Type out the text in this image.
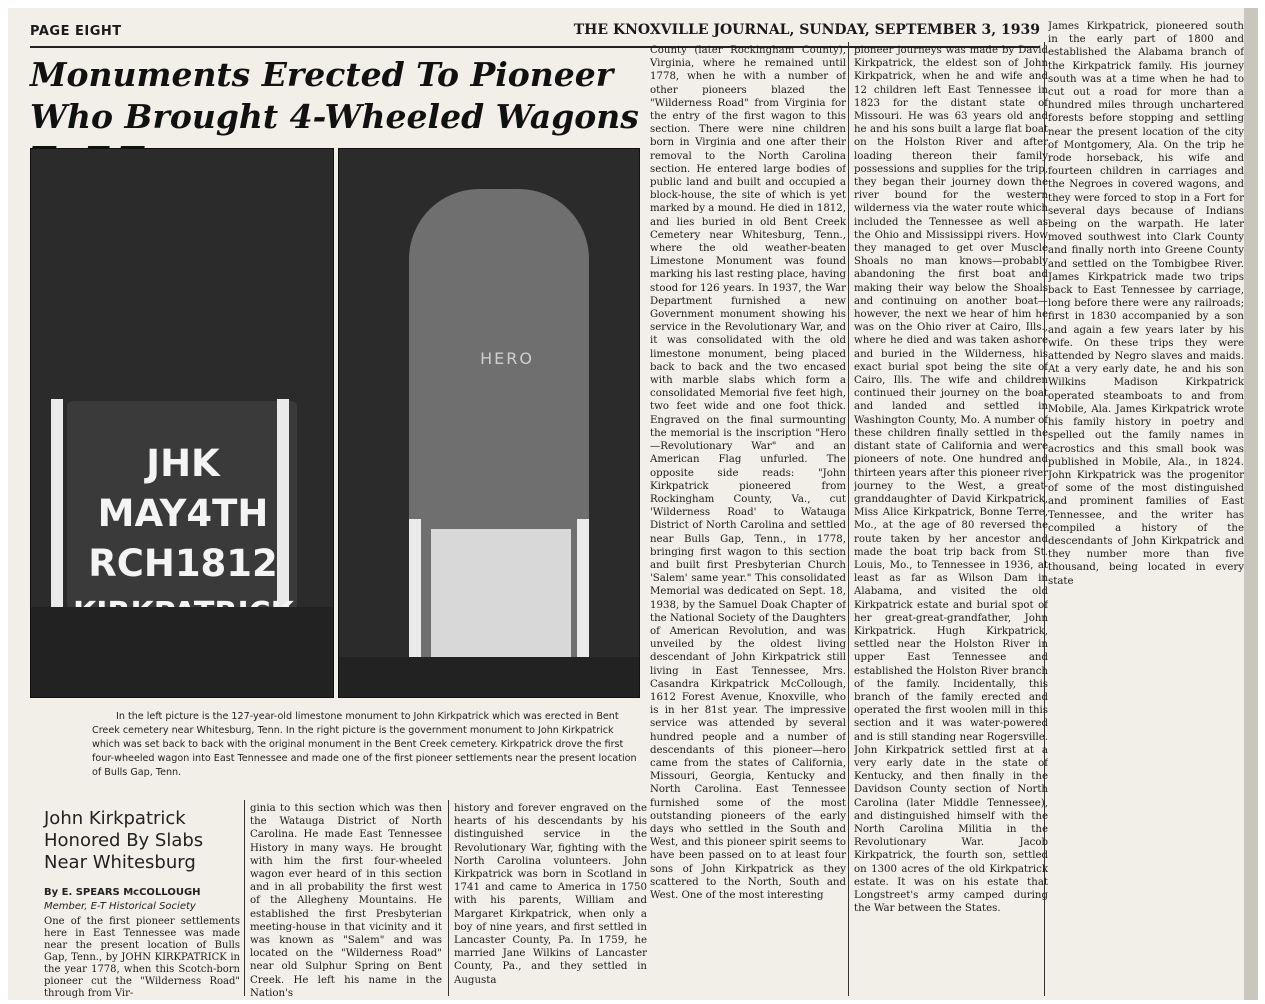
PAGE EIGHT	THE KNOXVILLE JOURNAL, SUNDAY, SEPTEMBER 3, 1939
Monuments Erected To Pioneer Who Brought 4-Wheeled Wagons
JHK
MAY4TH
RCH1812
HERO
In the left picture is the 127-year-old limestone monument to John Kirkpatrick which was erected in Bent Creek cemetery near Whitesburg, Tenn. In the right picture is the government monument to John Kirkpatrick which was set back to back with the original monument in the Bent Creek cemetery. Kirkpatrick drove the first four-wheeled wagon into East Tennessee and made one of the first pioneer settlements near the present location of Bulls Gap, Tenn.
John Kirkpatrick Honored By Slabs Near Whitesburg
By E. SPEARS McCOLLOUGH
Member, E-T Historical Society

One of the first pioneer settlements here in East Tennessee was made near the present location of Bulls Gap, Tenn., by JOHN KIRKPATRICK in the year 1778, when this Scotch-born pioneer cut the "Wilderness Road" through from Vir-

ginia to this section which was then the Watauga District of North Carolina. He made East Tennessee History in many ways. He brought with him the first four-wheeled wagon ever heard of in this section and in all probability the first west of the Allegheny Mountains. He established the first Presbyterian meeting-house in that vicinity and it was known as "Salem" and was located on the "Wilderness Road" near old Sulphur Spring on Bent Creek. He left his name in the Nation's

history and forever engraved on the hearts of his descendants by his distinguished service in the Revolutionary War, fighting with the North Carolina volunteers. John Kirkpatrick was born in Scotland in 1741 and came to America in 1750 with his parents, William and Margaret Kirkpatrick, when only a boy of nine years, and first settled in Lancaster County, Pa. In 1759, he married Jane Wilkins of Lancaster County, Pa., and they settled in Augusta

County (later Rockingham County), Virginia, where he remained until 1778, when he with a number of other pioneers blazed the "Wilderness Road" from Virginia for the entry of the first wagon to this section. There were nine children born in Virginia and one after their removal to the North Carolina section. He entered large bodies of public land and built and occupied a block-house, the site of which is yet marked by a mound. He died in 1812, and lies buried in old Bent Creek Cemetery near Whitesburg, Tenn., where the old weather-beaten Limestone Monument was found marking his last resting place, having stood for 126 years. In 1937, the War Department furnished a new Government monument showing his service in the Revolutionary War, and it was consolidated with the old limestone monument, being placed back to back and the two encased with marble slabs which form a consolidated Memorial five feet high, two feet wide and one foot thick. Engraved on the final surmounting the memorial is the inscription "Hero—Revolutionary War" and an American Flag unfurled. The opposite side reads: "John Kirkpatrick pioneered from Rockingham County, Va., cut 'Wilderness Road' to Watauga District of North Carolina and settled near Bulls Gap, Tenn., in 1778, bringing first wagon to this section and built first Presbyterian Church 'Salem' same year." This consolidated Memorial was dedicated on Sept. 18, 1938, by the Samuel Doak Chapter of the National Society of the Daughters of American Revolution, and was unveiled by the oldest living descendant of John Kirkpatrick still living in East Tennessee, Mrs. Casandra Kirkpatrick McCollough, 1612 Forest Avenue, Knoxville, who is in her 81st year. The impressive service was attended by several hundred people and a number of descendants of this pioneer—hero came from the states of California, Missouri, Georgia, Kentucky and North Carolina. East Tennessee furnished some of the most outstanding pioneers of the early days who settled in the South and West, and this pioneer spirit seems to have been passed on to at least four sons of John Kirkpatrick as they scattered to the North, South and West. One of the most interesting

pioneer journeys was made by David Kirkpatrick, the eldest son of John Kirkpatrick, when he and wife and 12 children left East Tennessee in 1823 for the distant state of Missouri. He was 63 years old and he and his sons built a large flat boat on the Holston River and after loading thereon their family possessions and supplies for the trip, they began their journey down the river bound for the western wilderness via the water route which included the Tennessee as well as the Ohio and Mississippi rivers. How they managed to get over Muscle Shoals no man knows—probably abandoning the first boat and making their way below the Shoals and continuing on another boat—however, the next we hear of him he was on the Ohio river at Cairo, Ills., where he died and was taken ashore and buried in the Wilderness, his exact burial spot being the site of Cairo, Ills. The wife and children continued their journey on the boat and landed and settled in Washington County, Mo. A number of these children finally settled in the distant state of California and were pioneers of note. One hundred and thirteen years after this pioneer river journey to the West, a great-granddaughter of David Kirkpatrick, Miss Alice Kirkpatrick, Bonne Terre, Mo., at the age of 80 reversed the route taken by her ancestor and made the boat trip back from St. Louis, Mo., to Tennessee in 1936, at least as far as Wilson Dam in Alabama, and visited the old Kirkpatrick estate and burial spot of her great-great-grandfather, John Kirkpatrick. Hugh Kirkpatrick, settled near the Holston River in upper East Tennessee and established the Holston River branch of the family. Incidentally, this branch of the family erected and operated the first woolen mill in this section and it was water-powered and is still standing near Rogersville. John Kirkpatrick settled first at a very early date in the state of Kentucky, and then finally in the Davidson County section of North Carolina (later Middle Tennessee), and distinguished himself with the North Carolina Militia in the Revolutionary War. Jacob Kirkpatrick, the fourth son, settled on 1300 acres of the old Kirkpatrick estate. It was on his estate that Longstreet's army camped during the War between the States.

James Kirkpatrick, pioneered south in the early part of 1800 and established the Alabama branch of the Kirkpatrick family. His journey south was at a time when he had to cut out a road for more than a hundred miles through unchartered forests before stopping and settling near the present location of the city of Montgomery, Ala. On the trip he rode horseback, his wife and fourteen children in carriages and the Negroes in covered wagons, and they were forced to stop in a Fort for several days because of Indians being on the warpath. He later moved southwest into Clark County and finally north into Greene County and settled on the Tombigbee River. James Kirkpatrick made two trips back to East Tennessee by carriage, long before there were any railroads; first in 1830 accompanied by a son and again a few years later by his wife. On these trips they were attended by Negro slaves and maids. At a very early date, he and his son Wilkins Madison Kirkpatrick operated steamboats to and from Mobile, Ala. James Kirkpatrick wrote his family history in poetry and spelled out the family names in acrostics and this small book was published in Mobile, Ala., in 1824. John Kirkpatrick was the progenitor of some of the most distinguished and prominent families of East Tennessee, and the writer has compiled a history of the descendants of John Kirkpatrick and they number more than five thousand, being located in every state
